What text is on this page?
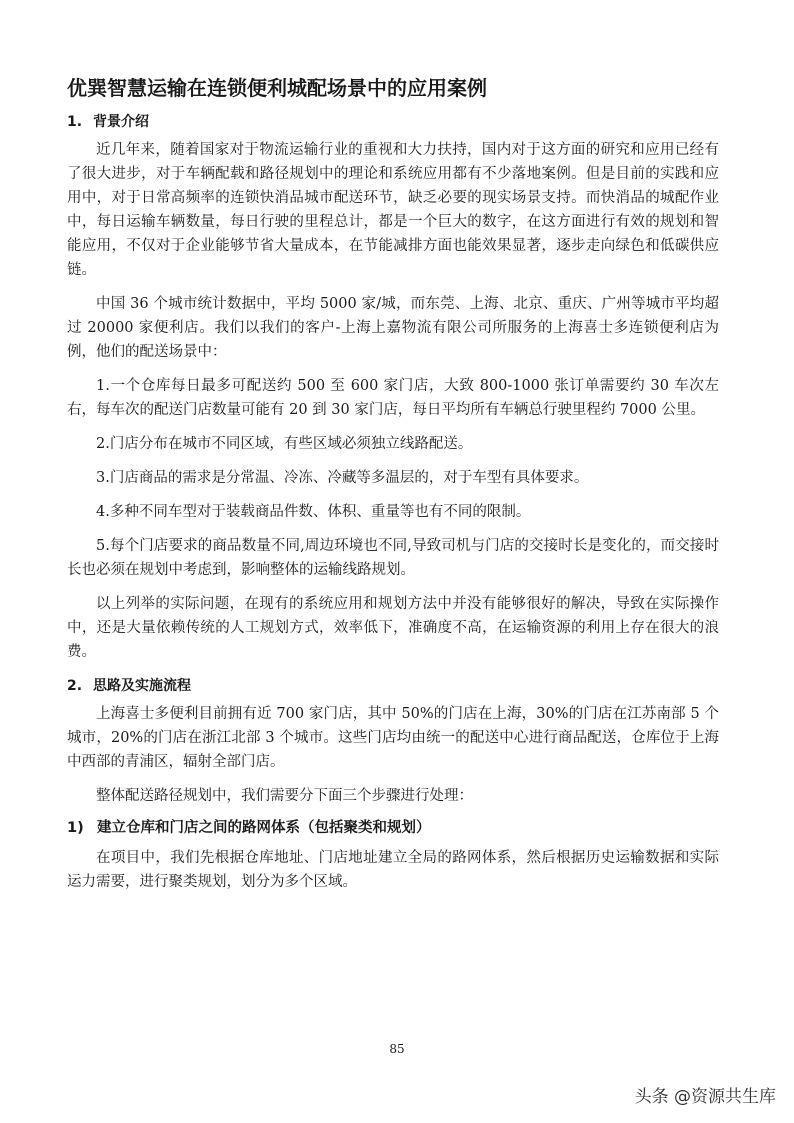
优巽智慧运输在连锁便利城配场景中的应用案例
1. 背景介绍

近几年来，随着国家对于物流运输行业的重视和大力扶持，国内对于这方面的研究和应用已经有了很大进步，对于车辆配载和路径规划中的理论和系统应用都有不少落地案例。但是目前的实践和应用中，对于日常高频率的连锁快消品城市配送环节，缺乏必要的现实场景支持。而快消品的城配作业中，每日运输车辆数量，每日行驶的里程总计，都是一个巨大的数字，在这方面进行有效的规划和智能应用，不仅对于企业能够节省大量成本，在节能减排方面也能效果显著，逐步走向绿色和低碳供应链。

中国 36 个城市统计数据中，平均 5000 家/城，而东莞、上海、北京、重庆、广州等城市平均超过 20000 家便利店。我们以我们的客户-上海上嘉物流有限公司所服务的上海喜士多连锁便利店为例，他们的配送场景中：

1.一个仓库每日最多可配送约 500 至 600 家门店，大致 800-1000 张订单需要约 30 车次左右，每车次的配送门店数量可能有 20 到 30 家门店，每日平均所有车辆总行驶里程约 7000 公里。

2.门店分布在城市不同区域，有些区域必须独立线路配送。

3.门店商品的需求是分常温、冷冻、冷藏等多温层的，对于车型有具体要求。

4.多种不同车型对于装载商品件数、体积、重量等也有不同的限制。

5.每个门店要求的商品数量不同,周边环境也不同,导致司机与门店的交接时长是变化的，而交接时长也必须在规划中考虑到，影响整体的运输线路规划。

以上列举的实际问题，在现有的系统应用和规划方法中并没有能够很好的解决，导致在实际操作中，还是大量依赖传统的人工规划方式，效率低下，准确度不高，在运输资源的利用上存在很大的浪费。

2. 思路及实施流程

上海喜士多便利目前拥有近 700 家门店，其中 50%的门店在上海，30%的门店在江苏南部 5 个城市，20%的门店在浙江北部 3 个城市。这些门店均由统一的配送中心进行商品配送，仓库位于上海中西部的青浦区，辐射全部门店。

整体配送路径规划中，我们需要分下面三个步骤进行处理：

1) 建立仓库和门店之间的路网体系（包括聚类和规划）

在项目中，我们先根据仓库地址、门店地址建立全局的路网体系，然后根据历史运输数据和实际运力需要，进行聚类规划，划分为多个区域。

85
头条 @资源共生库
